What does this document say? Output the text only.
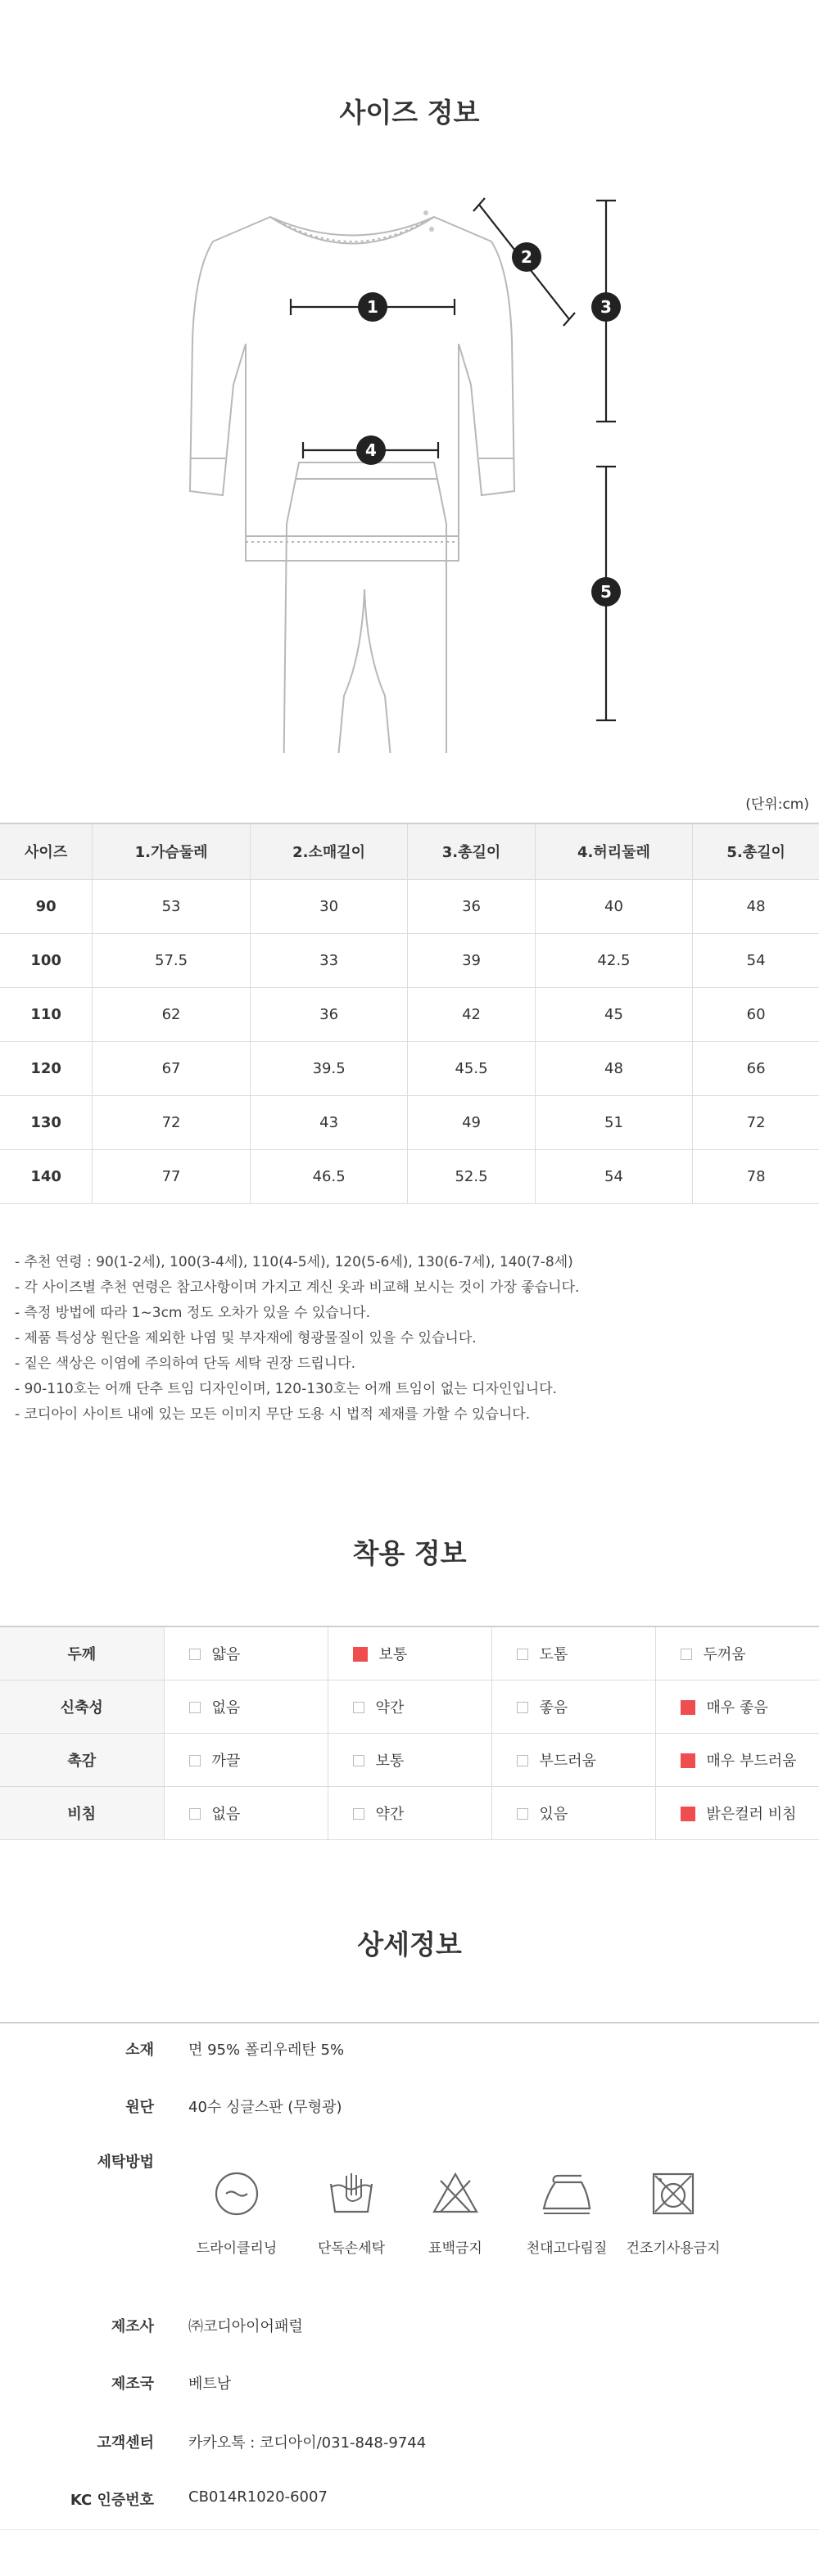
사이즈 정보
1
2
3
4
5
(단위:cm)
사이즈	1.가슴둘레	2.소매길이	3.총길이	4.허리둘레	5.총길이
90	53	30	36	40	48
100	57.5	33	39	42.5	54
110	62	36	42	45	60
120	67	39.5	45.5	48	66
130	72	43	49	51	72
140	77	46.5	52.5	54	78
- 추천 연령 : 90(1-2세), 100(3-4세), 110(4-5세), 120(5-6세), 130(6-7세), 140(7-8세)
- 각 사이즈별 추천 연령은 참고사항이며 가지고 계신 옷과 비교해 보시는 것이 가장 좋습니다.
- 측정 방법에 따라 1~3cm 정도 오차가 있을 수 있습니다.
- 제품 특성상 원단을 제외한 나염 및 부자재에 형광물질이 있을 수 있습니다.
- 짙은 색상은 이염에 주의하여 단독 세탁 권장 드립니다.
- 90-110호는 어깨 단추 트임 디자인이며, 120-130호는 어깨 트임이 없는 디자인입니다.
- 코디아이 사이트 내에 있는 모든 이미지 무단 도용 시 법적 제재를 가할 수 있습니다.
착용 정보
두께	얇음	보통	도톰	두꺼움
신축성	없음	약간	좋음	매우 좋음
촉감	까끌	보통	부드러움	매우 부드러움
비침	없음	약간	있음	밝은컬러 비침
상세정보
소재 면 95% 폴리우레탄 5%
원단 40수 싱글스판 (무형광)
세탁방법
드라이클리닝	단독손세탁	표백금지	천대고다림질	건조기사용금지
제조사 ㈜코디아이어패럴
제조국 베트남
고객센터 카카오톡 : 코디아이/031-848-9744
KC 인증번호 CB014R1020-6007
